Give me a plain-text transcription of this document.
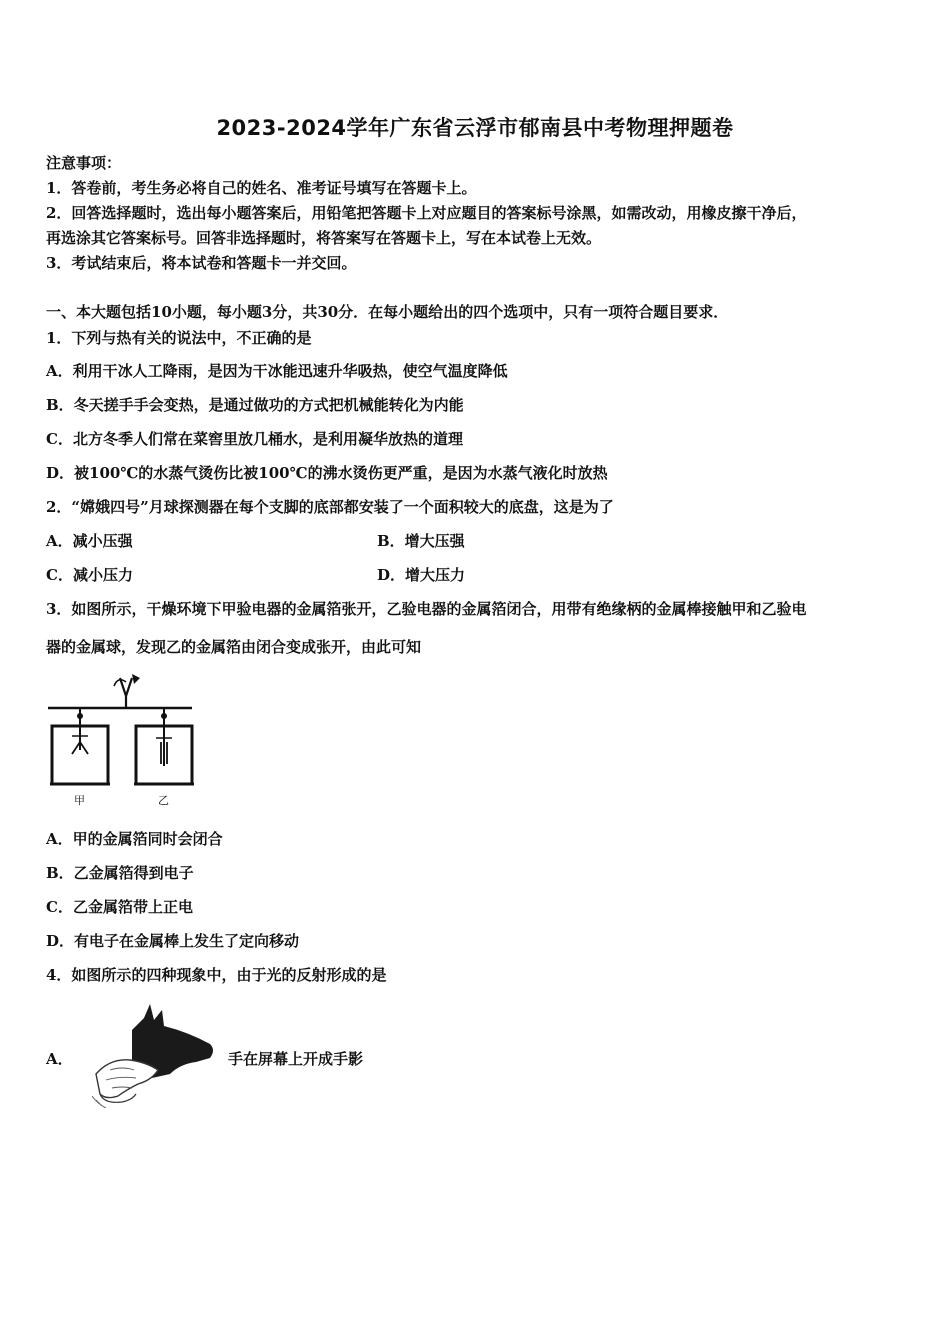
2023-2024学年广东省云浮市郁南县中考物理押题卷
注意事项：
1．答卷前，考生务必将自己的姓名、准考证号填写在答题卡上。
2．回答选择题时，选出每小题答案后，用铅笔把答题卡上对应题目的答案标号涂黑，如需改动，用橡皮擦干净后，
再选涂其它答案标号。回答非选择题时，将答案写在答题卡上，写在本试卷上无效。
3．考试结束后，将本试卷和答题卡一并交回。
一、本大题包括10小题，每小题3分，共30分．在每小题给出的四个选项中，只有一项符合题目要求．
1．下列与热有关的说法中，不正确的是
A．利用干冰人工降雨，是因为干冰能迅速升华吸热，使空气温度降低
B．冬天搓手手会变热，是通过做功的方式把机械能转化为内能
C．北方冬季人们常在菜窖里放几桶水，是利用凝华放热的道理
D．被100℃的水蒸气烫伤比被100℃的沸水烫伤更严重，是因为水蒸气液化时放热
2．“嫦娥四号”月球探测器在每个支脚的底部都安装了一个面积较大的底盘，这是为了
A．减小压强	B．增大压强
C．减小压力	D．增大压力
3．如图所示，干燥环境下甲验电器的金属箔张开，乙验电器的金属箔闭合，用带有绝缘柄的金属棒接触甲和乙验电
器的金属球，发现乙的金属箔由闭合变成张开，由此可知
甲	乙
A．甲的金属箔同时会闭合
B．乙金属箔得到电子
C．乙金属箔带上正电
D．有电子在金属棒上发生了定向移动
4．如图所示的四种现象中，由于光的反射形成的是
A．	手在屏幕上开成手影
